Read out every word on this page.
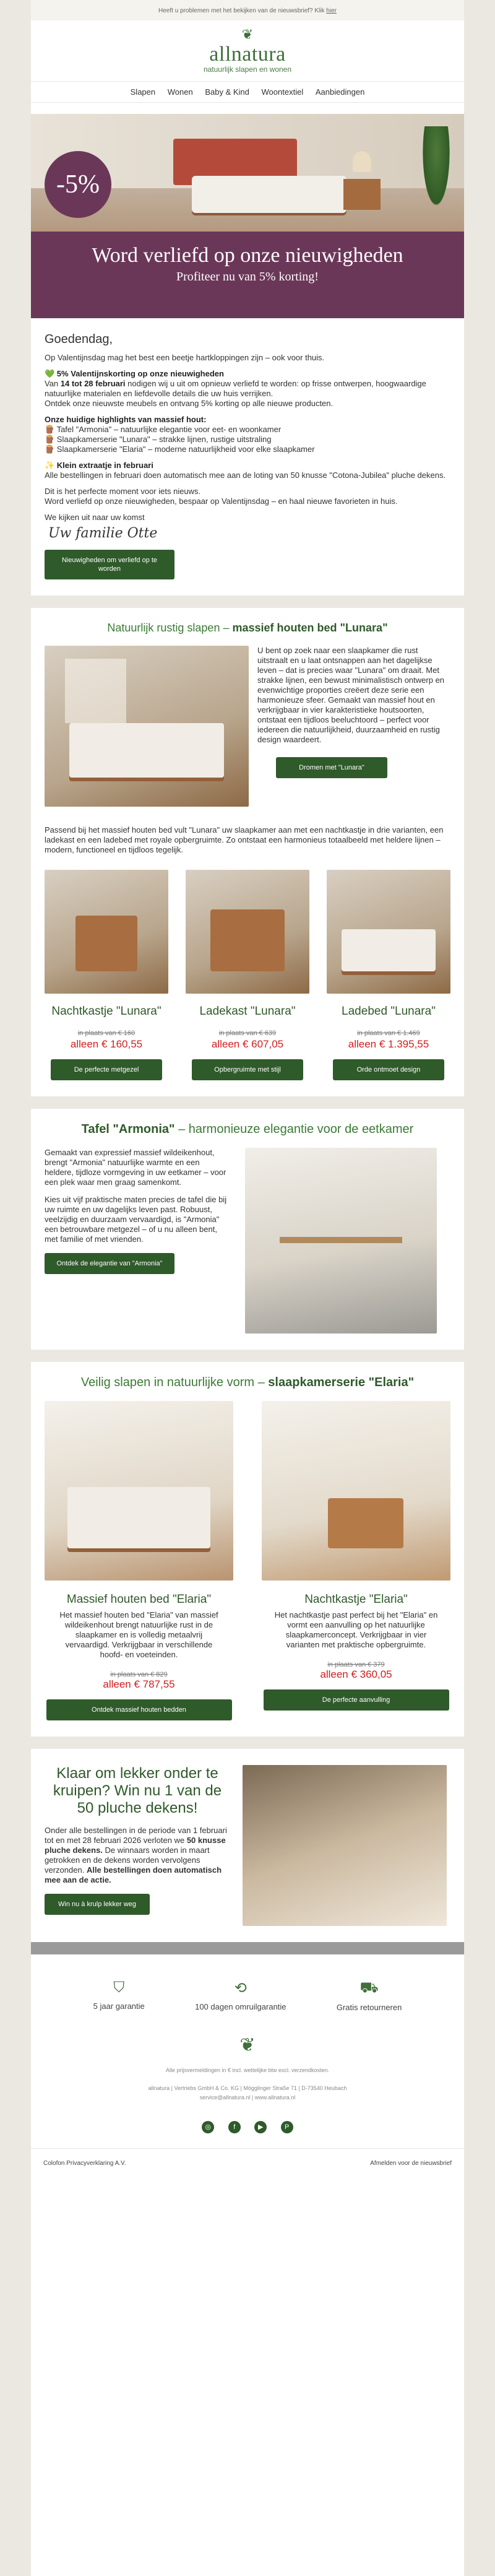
Heeft u problemen met het bekijken van de nieuwsbrief? Klik hier
❦
allnatura
natuurlijk slapen en wonen
Slapen Wonen Baby & Kind Woontextiel Aanbiedingen
-5%
Word verliefd op onze nieuwigheden
Profiteer nu van 5% korting!
Goedendag,

Op Valentijnsdag mag het best een beetje hartkloppingen zijn – ook voor thuis.

💚 5% Valentijnskorting op onze nieuwigheden
Van 14 tot 28 februari nodigen wij u uit om opnieuw verliefd te worden: op frisse ontwerpen, hoogwaardige natuurlijke materialen en liefdevolle details die uw huis verrijken.
Ontdek onze nieuwste meubels en ontvang 5% korting op alle nieuwe producten.

Onze huidige highlights van massief hout:
🪵 Tafel "Armonia" – natuurlijke elegantie voor eet- en woonkamer
🪵 Slaapkamerserie "Lunara" – strakke lijnen, rustige uitstraling
🪵 Slaapkamerserie "Elaria" – moderne natuurlijkheid voor elke slaapkamer

✨ Klein extraatje in februari
Alle bestellingen in februari doen automatisch mee aan de loting van 50 knusse "Cotona-Jubilea" pluche dekens.

Dit is het perfecte moment voor iets nieuws.
Word verliefd op onze nieuwigheden, bespaar op Valentijnsdag – en haal nieuwe favorieten in huis.

We kijken uit naar uw komst

Uw familie Otte
Nieuwigheden om verliefd op te worden
Natuurlijk rustig slapen – massief houten bed "Lunara"

U bent op zoek naar een slaapkamer die rust uitstraalt en u laat ontsnappen aan het dagelijkse leven – dat is precies waar "Lunara" om draait. Met strakke lijnen, een bewust minimalistisch ontwerp en evenwichtige proporties creëert deze serie een harmonieuze sfeer. Gemaakt van massief hout en verkrijgbaar in vier karakteristieke houtsoorten, ontstaat een tijdloos beeluchtoord – perfect voor iedereen die natuurlijkheid, duurzaamheid en rustig design waardeert.

Dromen met "Lunara"

Passend bij het massief houten bed vult "Lunara" uw slaapkamer aan met een nachtkastje in drie varianten, een ladekast en een ladebed met royale opbergruimte. Zo ontstaat een harmonieus totaalbeeld met heldere lijnen – modern, functioneel en tijdloos tegelijk.

Nachtkastje "Lunara"
in plaats van € 160
alleen € 160,55
De perfecte metgezel
Ladekast "Lunara"
in plaats van € 639
alleen € 607,05
Opbergruimte met stijl
Ladebed "Lunara"
in plaats van € 1.469
alleen € 1.395,55
Orde ontmoet design
Tafel "Armonia" – harmonieuze elegantie voor de eetkamer

Gemaakt van expressief massief wildeikenhout, brengt "Armonia" natuurlijke warmte en een heldere, tijdloze vormgeving in uw eetkamer – voor een plek waar men graag samenkomt.

Kies uit vijf praktische maten precies de tafel die bij uw ruimte en uw dagelijks leven past. Robuust, veelzijdig en duurzaam vervaardigd, is "Armonia" een betrouwbare metgezel – of u nu alleen bent, met familie of met vrienden.

Ontdek de elegantie van "Armonia"
Veilig slapen in natuurlijke vorm – slaapkamerserie "Elaria"
Massief houten bed "Elaria"
Het massief houten bed "Elaria" van massief wildeikenhout brengt natuurlijke rust in de slaapkamer en is volledig metaalvrij vervaardigd. Verkrijgbaar in verschillende hoofd- en voeteinden.
in plaats van € 829
alleen € 787,55
Ontdek massief houten bedden
Nachtkastje "Elaria"
Het nachtkastje past perfect bij het "Elaria" en vormt een aanvulling op het natuurlijke slaapkamerconcept. Verkrijgbaar in vier varianten met praktische opbergruimte.
in plaats van € 379
alleen € 360,05
De perfecte aanvulling
Klaar om lekker onder te kruipen? Win nu 1 van de 50 pluche dekens!

Onder alle bestellingen in de periode van 1 februari tot en met 28 februari 2026 verloten we 50 knusse pluche dekens. De winnaars worden in maart getrokken en de dekens worden vervolgens verzonden. Alle bestellingen doen automatisch mee aan de actie.

Win nu à krulp lekker weg
⛉
5 jaar garantie
⟲
100 dagen omruilgarantie
⛟
Gratis retourneren
❦
Alle prijsvermeldingen in € incl. wettelijke btw excl. verzendkosten.
allnatura | Vertriebs GmbH & Co. KG | Mögglinger Straße 71 | D-73540 Heubach
service@allnatura.nl | www.allnatura.nl
◎	f	▶	P
Colofon Privacyverklaring A.V.	Afmelden voor de nieuwsbrief
